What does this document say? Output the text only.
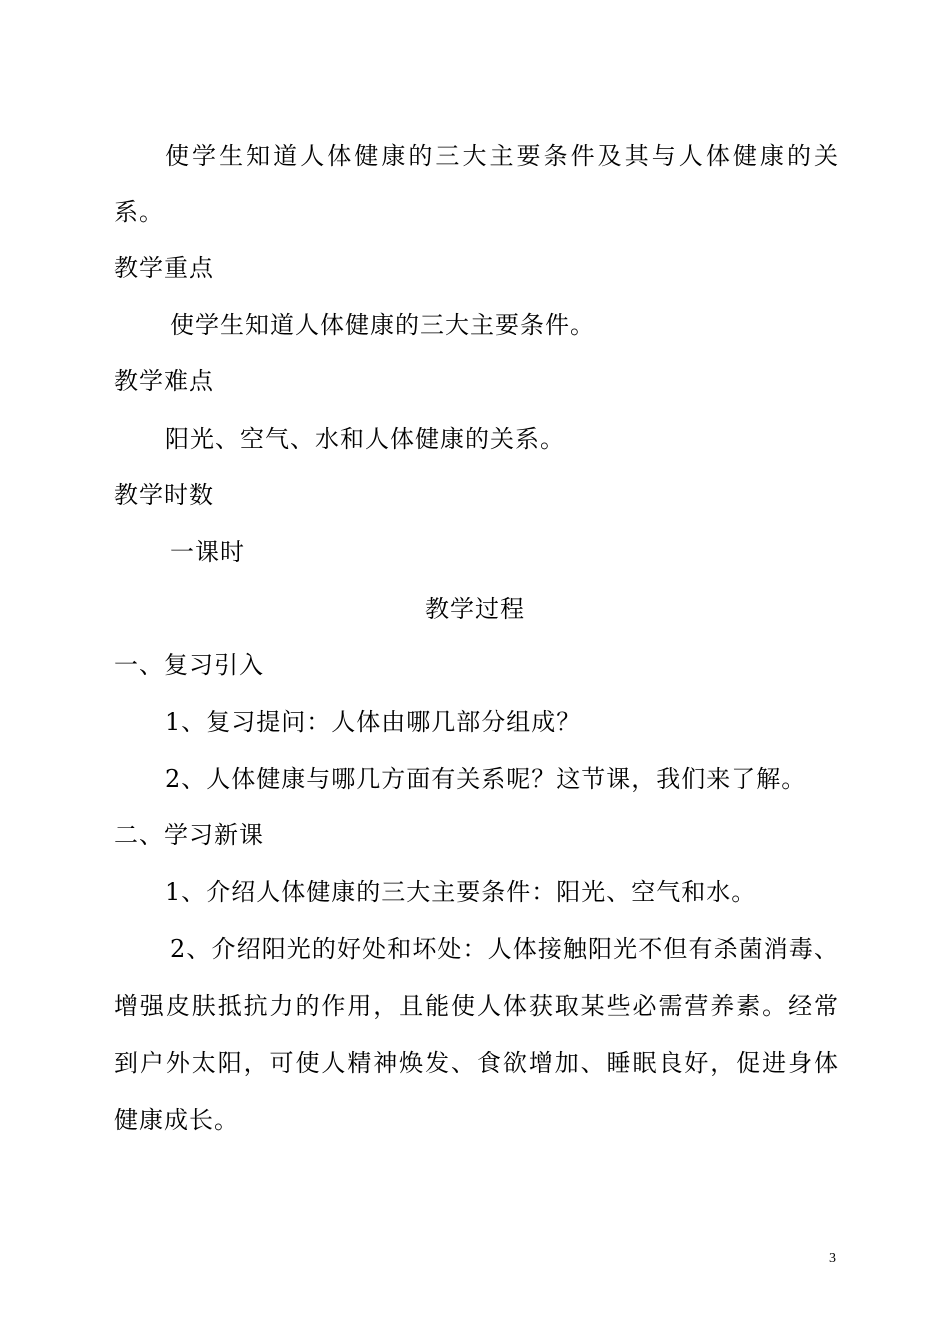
使学生知道人体健康的三大主要条件及其与人体健康的关
系。
教学重点
使学生知道人体健康的三大主要条件。
教学难点
阳光、空气、水和人体健康的关系。
教学时数
一课时
教学过程
一、复习引入
1、复习提问：人体由哪几部分组成？
2、人体健康与哪几方面有关系呢？这节课，我们来了解。
二、学习新课
1、介绍人体健康的三大主要条件：阳光、空气和水。
2、介绍阳光的好处和坏处：人体接触阳光不但有杀菌消毒、
增强皮肤抵抗力的作用，且能使人体获取某些必需营养素。经常
到户外太阳，可使人精神焕发、食欲增加、睡眠良好，促进身体
健康成长。
3
